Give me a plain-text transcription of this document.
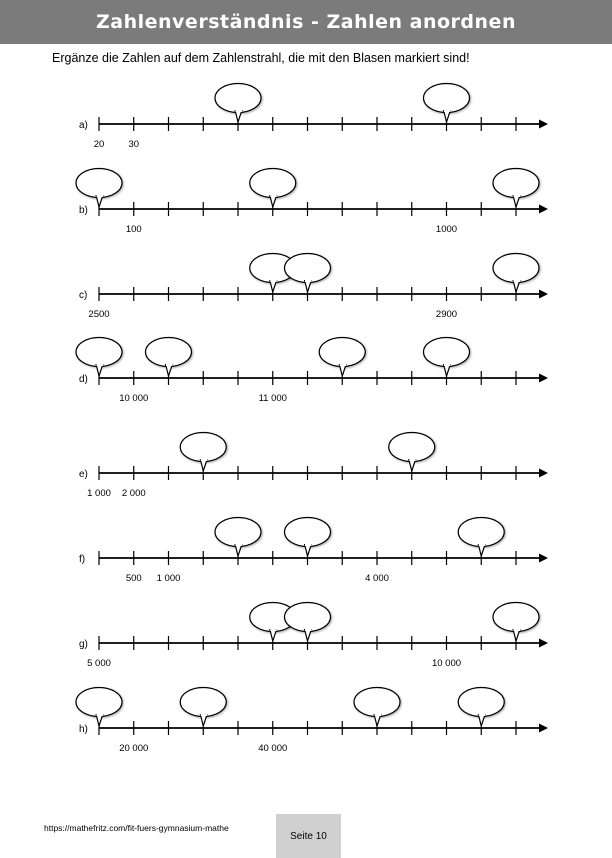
Zahlenverständnis - Zahlen anordnen
Ergänze die Zahlen auf dem Zahlenstrahl, die mit den Blasen markiert sind!
a)
20	30
b)
100	1000
c)
2500	2900
d)
10 000	11 000
e)
1 000 2 000
f)
500 1 000	4 000
g)
5 000	10 000
h)
20 000	40 000
https://mathefritz.com/fit-fuers-gymnasium-mathe
Seite 10
